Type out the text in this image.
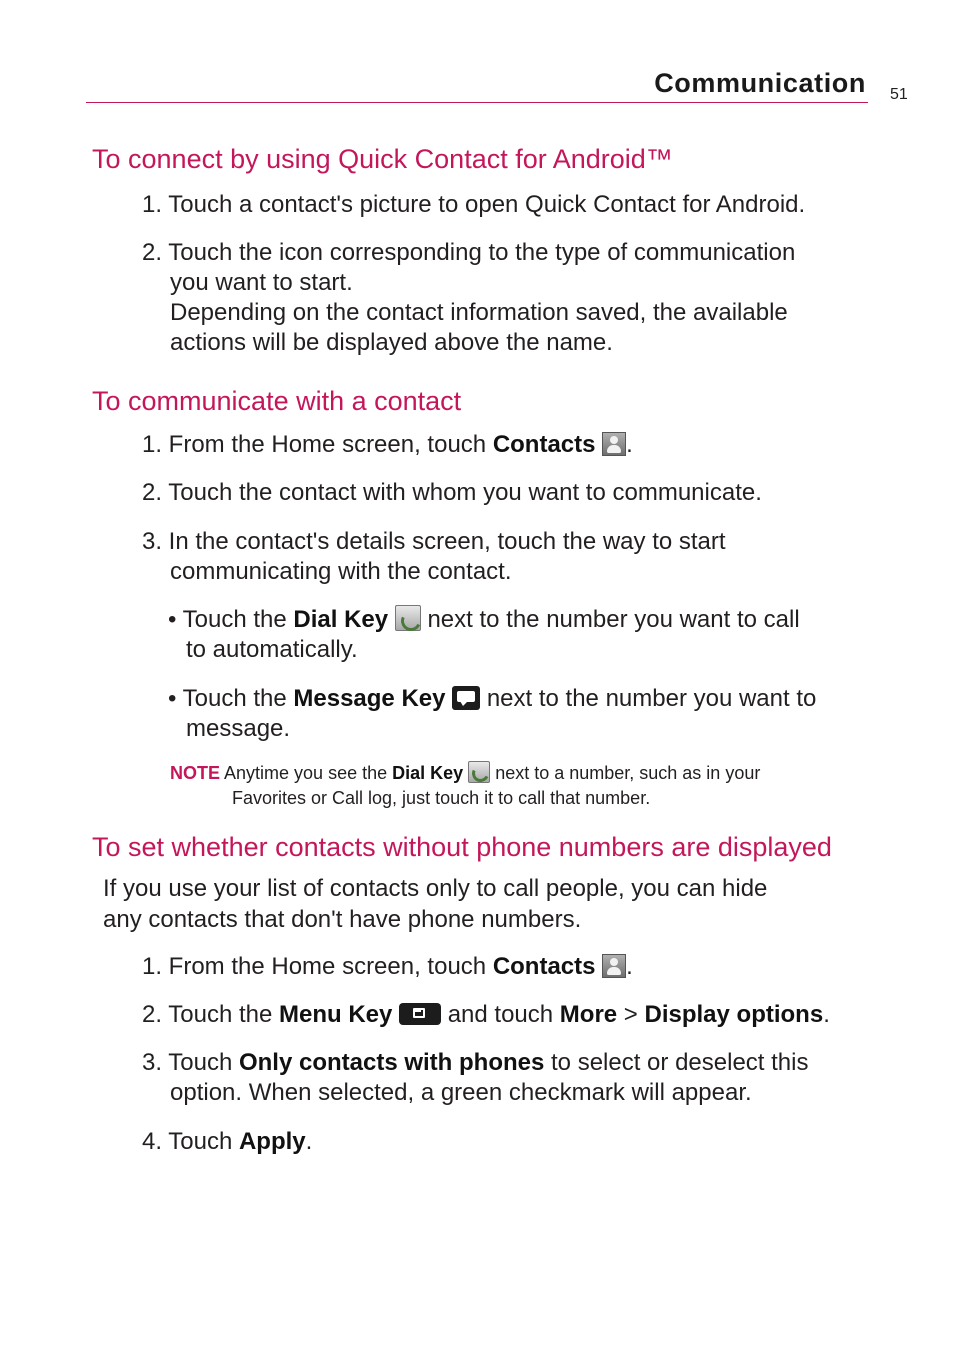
Communication 51
To connect by using Quick Contact for Android™

1. Touch a contact's picture to open Quick Contact for Android.

2. Touch the icon corresponding to the type of communication

you want to start.

Depending on the contact information saved, the available

actions will be displayed above the name.

To communicate with a contact

1. From the Home screen, touch Contacts .

2. Touch the contact with whom you want to communicate.

3. In the contact's details screen, touch the way to start

communicating with the contact.

• Touch the Dial Key  next to the number you want to call

to automatically.

• Touch the Message Key  next to the number you want to

message.

NOTE Anytime you see the Dial Key  next to a number, such as in your

Favorites or Call log, just touch it to call that number.

To set whether contacts without phone numbers are displayed

If you use your list of contacts only to call people, you can hide

any contacts that don't have phone numbers.

1. From the Home screen, touch Contacts .

2. Touch the Menu Key  and touch More > Display options.

3. Touch Only contacts with phones to select or deselect this

option. When selected, a green checkmark will appear.

4. Touch Apply.
